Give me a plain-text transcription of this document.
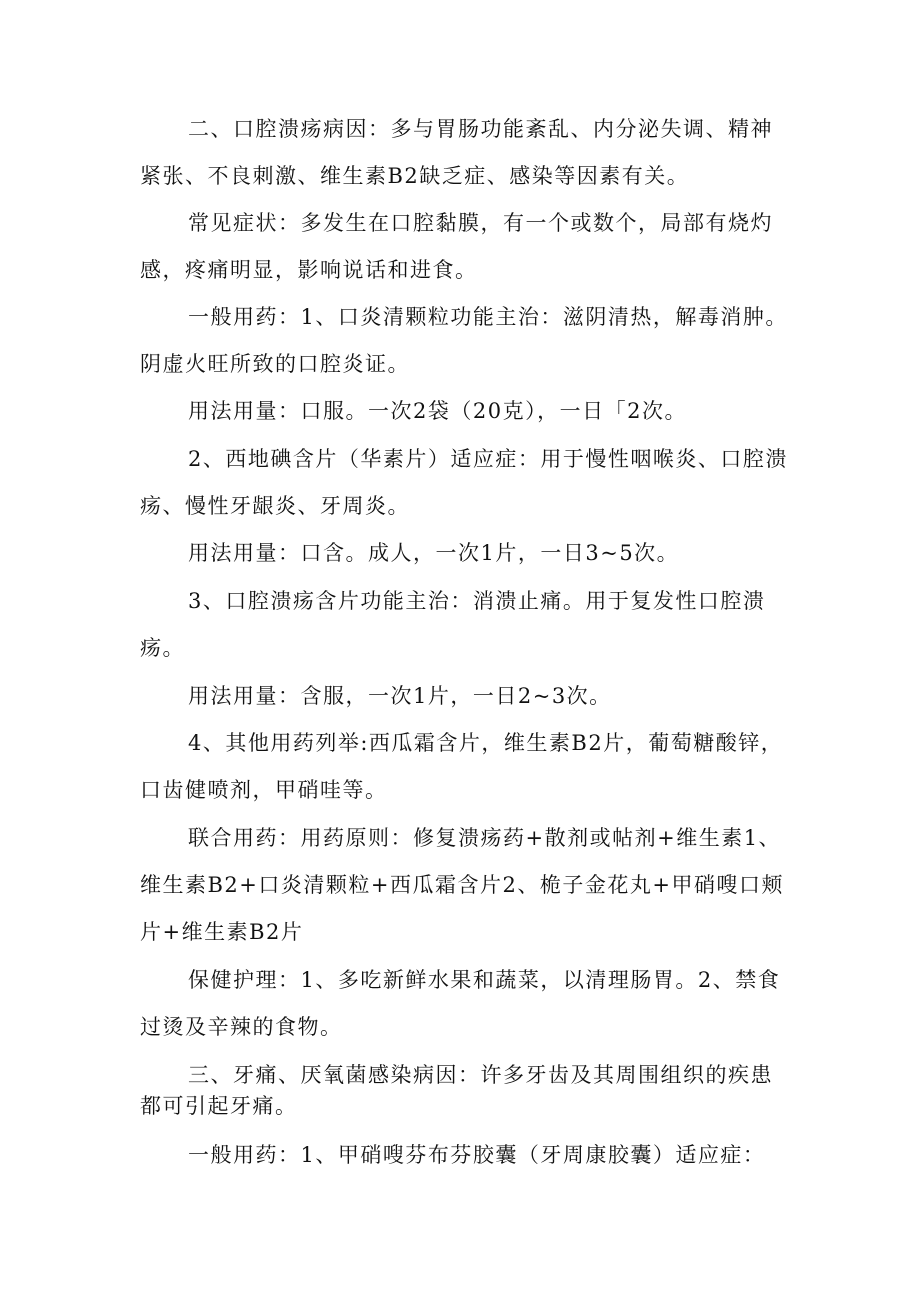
二、口腔溃疡病因：多与胃肠功能紊乱、内分泌失调、精神紧张、不良刺激、维生素B2缺乏症、感染等因素有关。

常见症状：多发生在口腔黏膜，有一个或数个，局部有烧灼感，疼痛明显，影响说话和进食。

一般用药：1、口炎清颗粒功能主治：滋阴清热，解毒消肿。阴虚火旺所致的口腔炎证。

用法用量：口服。一次2袋（20克），一日「2次。

2、西地碘含片（华素片）适应症：用于慢性咽喉炎、口腔溃疡、慢性牙龈炎、牙周炎。

用法用量：口含。成人，一次1片，一日3~5次。

3、口腔溃疡含片功能主治：消溃止痛。用于复发性口腔溃疡。

用法用量：含服，一次1片，一日2~3次。

4、其他用药列举:西瓜霜含片，维生素B2片，葡萄糖酸锌，口齿健喷剂，甲硝哇等。

联合用药：用药原则：修复溃疡药+散剂或帖剂+维生素1、维生素B2+口炎清颗粒+西瓜霜含片2、桅子金花丸+甲硝嗖口颊片+维生素B2片

保健护理：1、多吃新鲜水果和蔬菜，以清理肠胃。2、禁食过烫及辛辣的食物。

三、牙痛、厌氧菌感染病因：许多牙齿及其周围组织的疾患都可引起牙痛。

一般用药：1、甲硝嗖芬布芬胶囊（牙周康胶囊）适应症：
